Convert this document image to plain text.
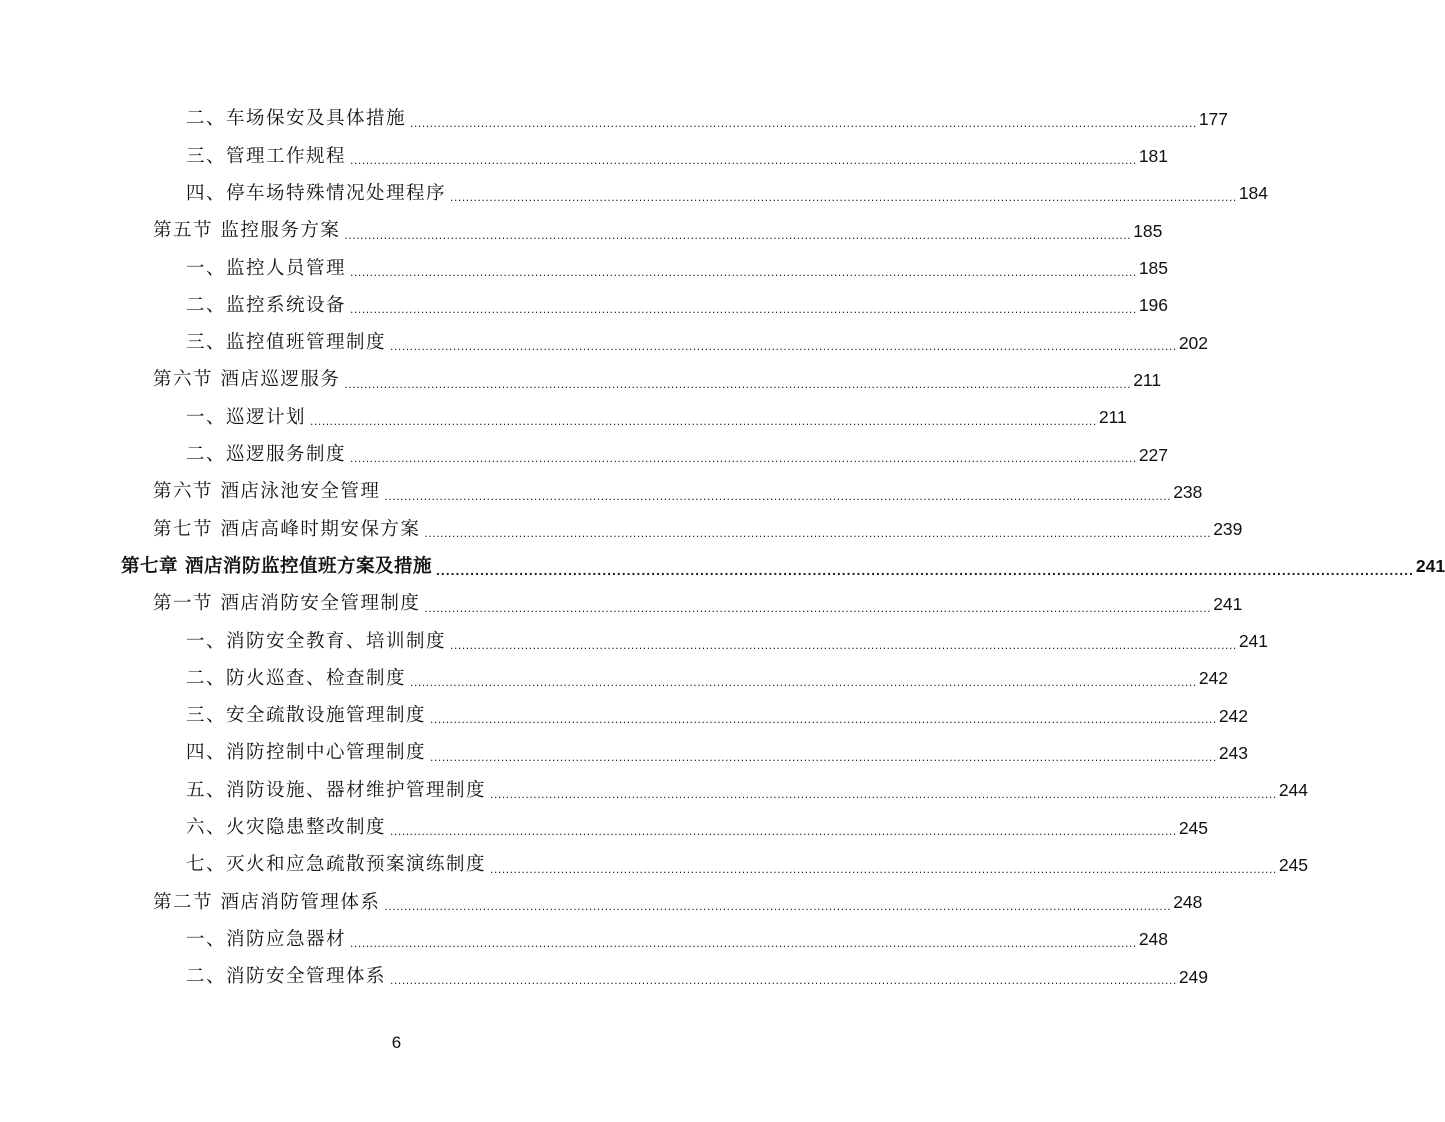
二、车场保安及具体措施 ........................................................................................................................................................................................................ 177
三、管理工作规程 ........................................................................................................................................................................................................ 181
四、停车场特殊情况处理程序 ........................................................................................................................................................................................................ 184
第五节 监控服务方案 ........................................................................................................................................................................................................ 185
一、监控人员管理 ........................................................................................................................................................................................................ 185
二、监控系统设备 ........................................................................................................................................................................................................ 196
三、监控值班管理制度 ........................................................................................................................................................................................................ 202
第六节 酒店巡逻服务 ........................................................................................................................................................................................................ 211
一、巡逻计划 ........................................................................................................................................................................................................ 211
二、巡逻服务制度 ........................................................................................................................................................................................................ 227
第六节 酒店泳池安全管理 ........................................................................................................................................................................................................ 238
第七节 酒店高峰时期安保方案 ........................................................................................................................................................................................................ 239
第七章 酒店消防监控值班方案及措施 ........................................................................................................................................................................................................ 241
第一节 酒店消防安全管理制度 ........................................................................................................................................................................................................ 241
一、消防安全教育、培训制度 ........................................................................................................................................................................................................ 241
二、防火巡查、检查制度 ........................................................................................................................................................................................................ 242
三、安全疏散设施管理制度 ........................................................................................................................................................................................................ 242
四、消防控制中心管理制度 ........................................................................................................................................................................................................ 243
五、消防设施、器材维护管理制度 ........................................................................................................................................................................................................ 244
六、火灾隐患整改制度 ........................................................................................................................................................................................................ 245
七、灭火和应急疏散预案演练制度 ........................................................................................................................................................................................................ 245
第二节 酒店消防管理体系 ........................................................................................................................................................................................................ 248
一、消防应急器材 ........................................................................................................................................................................................................ 248
二、消防安全管理体系 ........................................................................................................................................................................................................ 249
6
